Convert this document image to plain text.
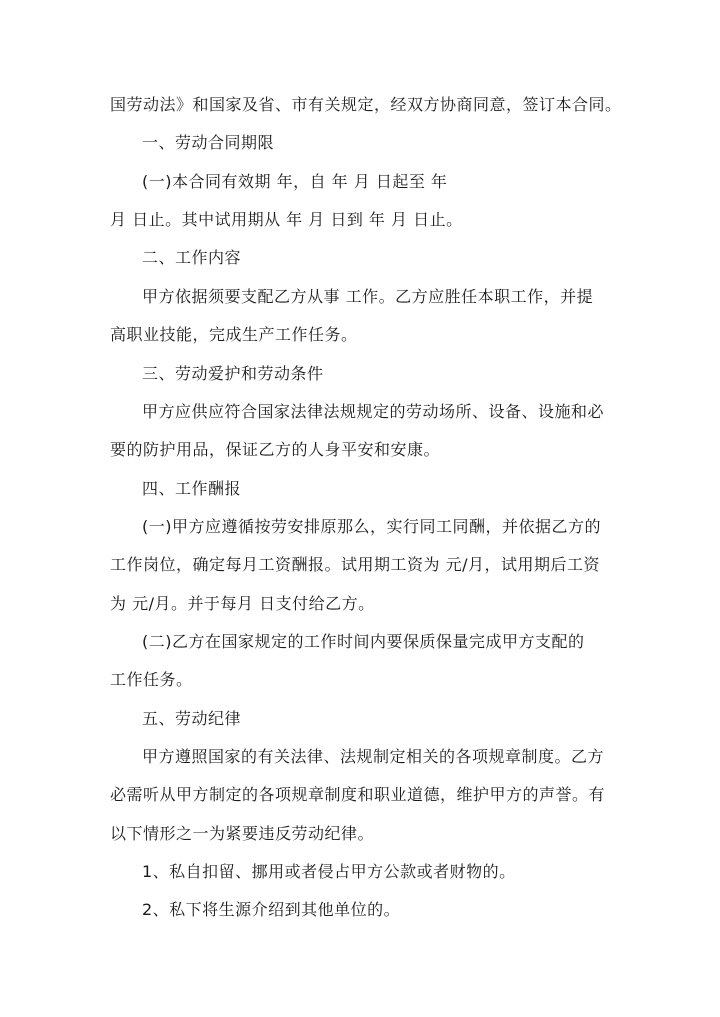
国劳动法》和国家及省、市有关规定，经双方协商同意，签订本合同。
一、劳动合同期限
(一)本合同有效期 年，自 年 月 日起至 年
月 日止。其中试用期从 年 月 日到 年 月 日止。
二、工作内容
甲方依据须要支配乙方从事 工作。乙方应胜任本职工作，并提
高职业技能，完成生产工作任务。
三、劳动爱护和劳动条件
甲方应供应符合国家法律法规规定的劳动场所、设备、设施和必
要的防护用品，保证乙方的人身平安和安康。
四、工作酬报
(一)甲方应遵循按劳安排原那么，实行同工同酬，并依据乙方的
工作岗位，确定每月工资酬报。试用期工资为 元/月，试用期后工资
为 元/月。并于每月 日支付给乙方。
(二)乙方在国家规定的工作时间内要保质保量完成甲方支配的
工作任务。
五、劳动纪律
甲方遵照国家的有关法律、法规制定相关的各项规章制度。乙方
必需听从甲方制定的各项规章制度和职业道德，维护甲方的声誉。有
以下情形之一为紧要违反劳动纪律。
1、私自扣留、挪用或者侵占甲方公款或者财物的。
2、私下将生源介绍到其他单位的。
